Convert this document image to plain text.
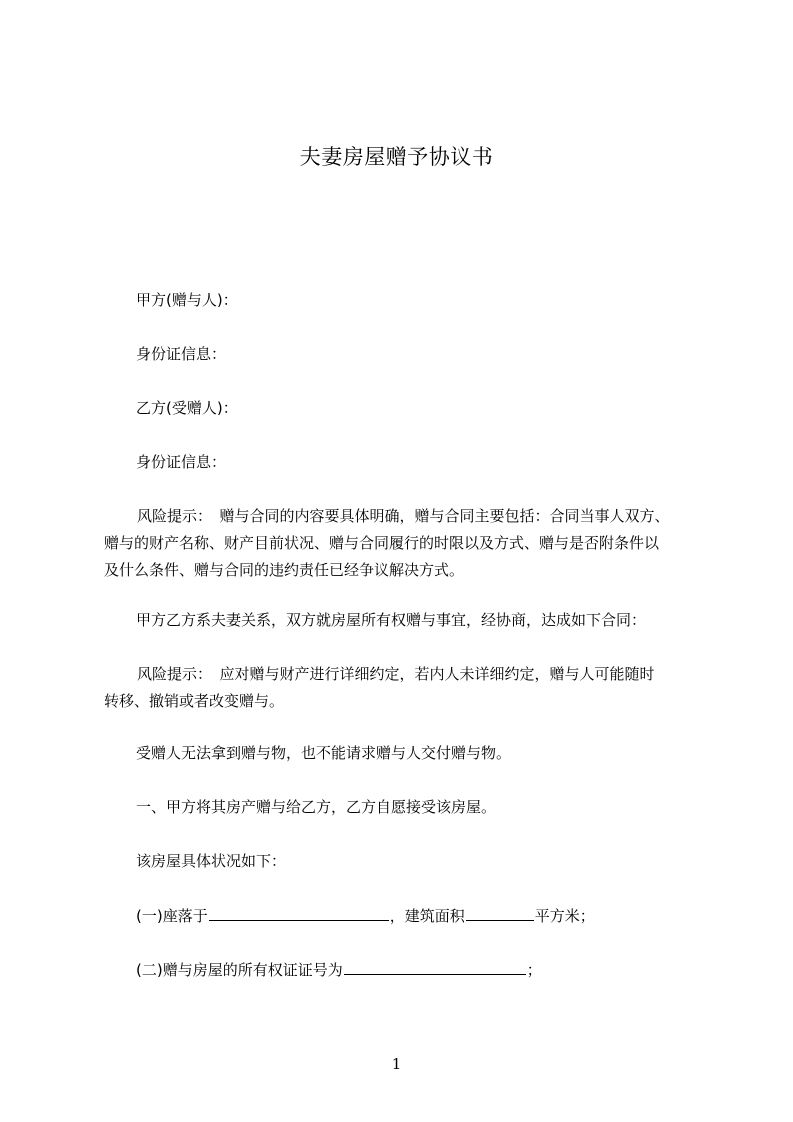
夫妻房屋赠予协议书
甲方(赠与人)：
身份证信息：
乙方(受赠人)：
身份证信息：
风险提示：　赠与合同的内容要具体明确，赠与合同主要包括：合同当事人双方、
赠与的财产名称、财产目前状况、赠与合同履行的时限以及方式、赠与是否附条件以
及什么条件、赠与合同的违约责任已经争议解决方式。
甲方乙方系夫妻关系，双方就房屋所有权赠与事宜，经协商，达成如下合同：
风险提示：　应对赠与财产进行详细约定，若内人未详细约定，赠与人可能随时
转移、撤销或者改变赠与。
受赠人无法拿到赠与物，也不能请求赠与人交付赠与物。
一、甲方将其房产赠与给乙方，乙方自愿接受该房屋。
该房屋具体状况如下：
(一)座落于	，建筑面积	平方米；
(二)赠与房屋的所有权证证号为	；
1
